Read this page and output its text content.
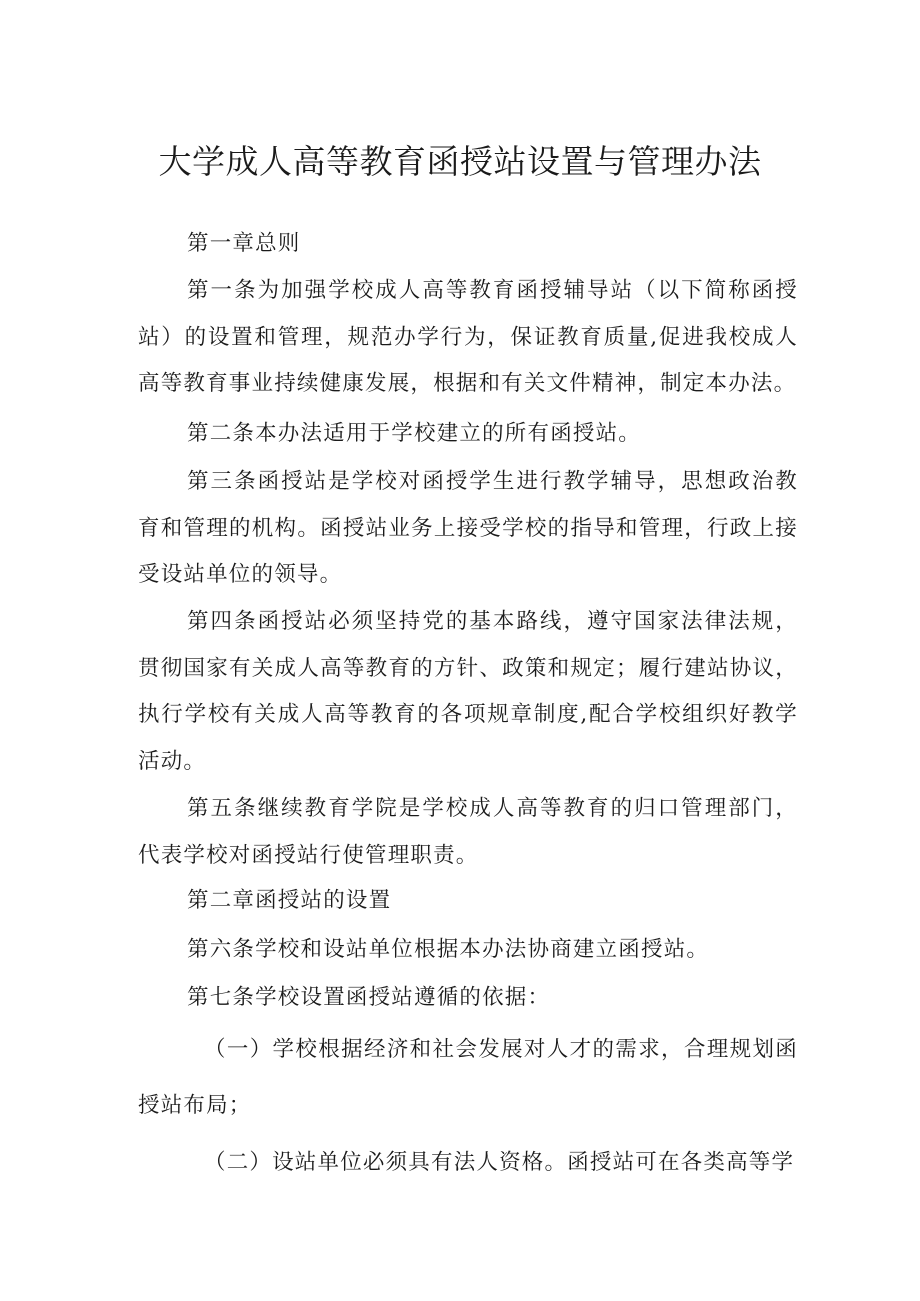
大学成人高等教育函授站设置与管理办法

第一章总则

第一条为加强学校成人高等教育函授辅导站（以下简称函授站）的设置和管理，规范办学行为，保证教育质量,促进我校成人高等教育事业持续健康发展，根据和有关文件精神，制定本办法。

第二条本办法适用于学校建立的所有函授站。

第三条函授站是学校对函授学生进行教学辅导，思想政治教育和管理的机构。函授站业务上接受学校的指导和管理，行政上接受设站单位的领导。

第四条函授站必须坚持党的基本路线，遵守国家法律法规，贯彻国家有关成人高等教育的方针、政策和规定；履行建站协议，执行学校有关成人高等教育的各项规章制度,配合学校组织好教学活动。

第五条继续教育学院是学校成人高等教育的归口管理部门，代表学校对函授站行使管理职责。

第二章函授站的设置

第六条学校和设站单位根据本办法协商建立函授站。

第七条学校设置函授站遵循的依据：

（一）学校根据经济和社会发展对人才的需求，合理规划函授站布局；

（二）设站单位必须具有法人资格。函授站可在各类高等学
